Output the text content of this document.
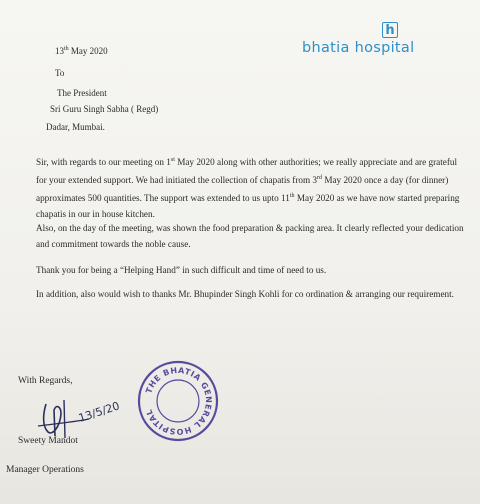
13th May 2020
h
bhatia hospital
To
The President
Sri Guru Singh Sabha ( Regd)
Dadar, Mumbai.
Sir, with regards to our meeting on 1st May 2020 along with other authorities; we really appreciate and are grateful for your extended support. We had initiated the collection of chapatis from 3rd May 2020 once a day (for dinner) approximates 500 quantities. The support was extended to us upto 11th May 2020 as we have now started preparing chapatis in our in house kitchen.
Also, on the day of the meeting, was shown the food preparation & packing area. It clearly reflected your dedication and commitment towards the noble cause.
Thank you for being a “Helping Hand” in such difficult and time of need to us.
In addition, also would wish to thanks Mr. Bhupinder Singh Kohli for co ordination & arranging our requirement.
With Regards,
13/5/20
Sweety Mandot
Manager Operations
THE BHATIA GENERAL HOSPITAL
